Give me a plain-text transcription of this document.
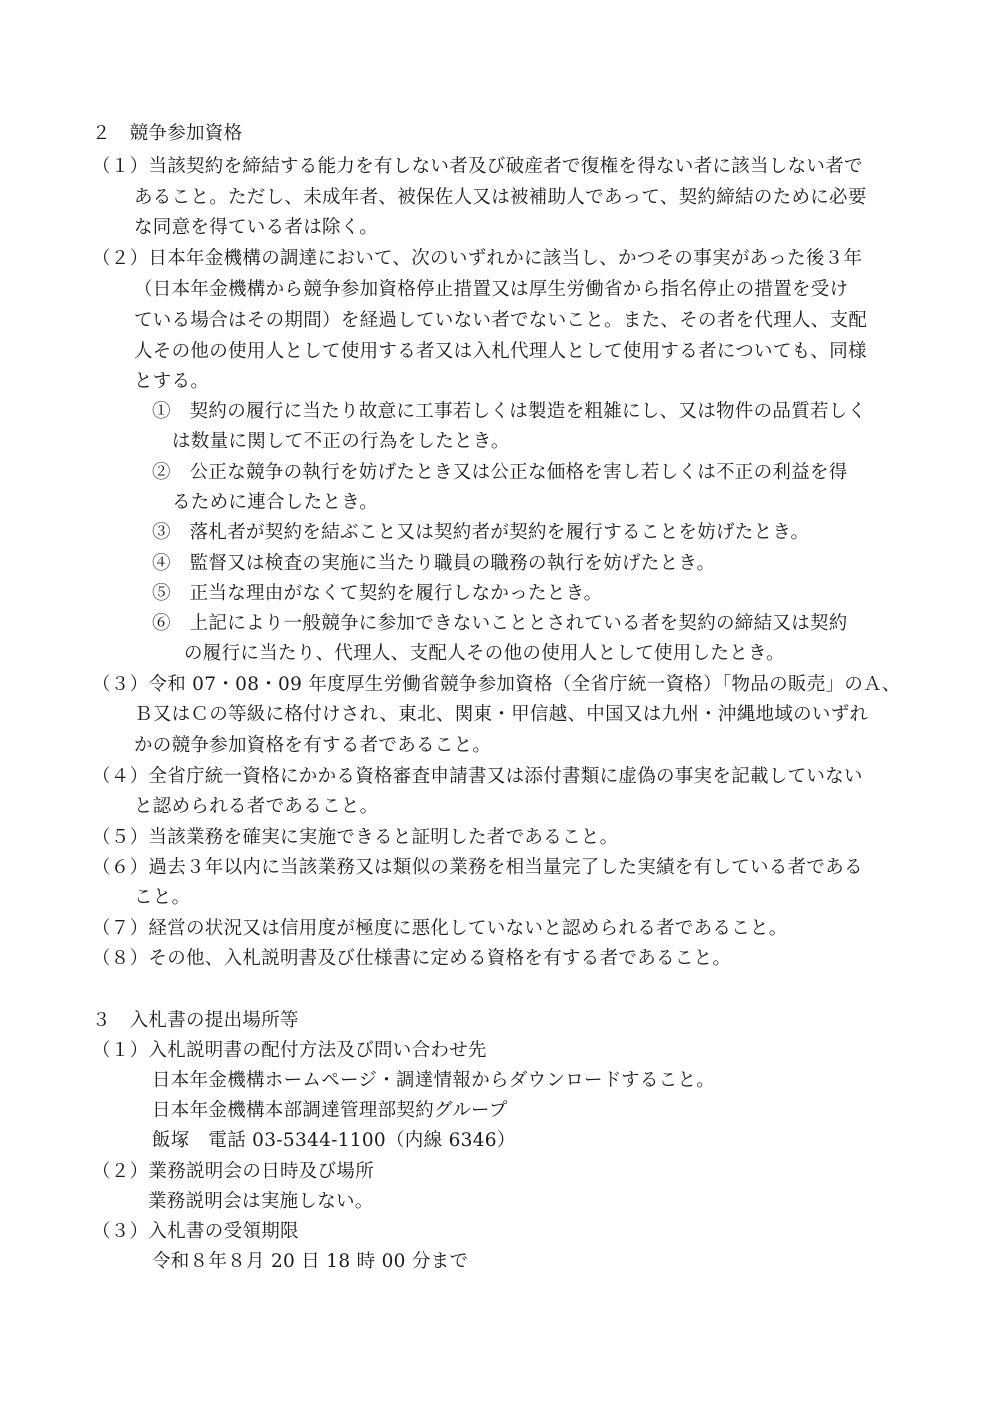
２　競争参加資格
（１）当該契約を締結する能力を有しない者及び破産者で復権を得ない者に該当しない者で
あること。ただし、未成年者、被保佐人又は被補助人であって、契約締結のために必要
な同意を得ている者は除く。
（２）日本年金機構の調達において、次のいずれかに該当し、かつその事実があった後３年
（日本年金機構から競争参加資格停止措置又は厚生労働省から指名停止の措置を受け
ている場合はその期間）を経過していない者でないこと。また、その者を代理人、支配
人その他の使用人として使用する者又は入札代理人として使用する者についても、同様
とする。
①　契約の履行に当たり故意に工事若しくは製造を粗雑にし、又は物件の品質若しく
は数量に関して不正の行為をしたとき。
②　公正な競争の執行を妨げたとき又は公正な価格を害し若しくは不正の利益を得
るために連合したとき。
③　落札者が契約を結ぶこと又は契約者が契約を履行することを妨げたとき。
④　監督又は検査の実施に当たり職員の職務の執行を妨げたとき。
⑤　正当な理由がなくて契約を履行しなかったとき。
⑥　上記により一般競争に参加できないこととされている者を契約の締結又は契約
の履行に当たり、代理人、支配人その他の使用人として使用したとき。
（３）令和 07・08・09 年度厚生労働省競争参加資格（全省庁統一資格）「物品の販売」のＡ、
Ｂ又はＣの等級に格付けされ、東北、関東・甲信越、中国又は九州・沖縄地域のいずれ
かの競争参加資格を有する者であること。
（４）全省庁統一資格にかかる資格審査申請書又は添付書類に虚偽の事実を記載していない
と認められる者であること。
（５）当該業務を確実に実施できると証明した者であること。
（６）過去３年以内に当該業務又は類似の業務を相当量完了した実績を有している者である
こと。
（７）経営の状況又は信用度が極度に悪化していないと認められる者であること。
（８）その他、入札説明書及び仕様書に定める資格を有する者であること。
３　入札書の提出場所等
（１）入札説明書の配付方法及び問い合わせ先
日本年金機構ホームページ・調達情報からダウンロードすること。
日本年金機構本部調達管理部契約グループ
飯塚　電話 03-5344-1100（内線 6346）
（２）業務説明会の日時及び場所
業務説明会は実施しない。
（３）入札書の受領期限
令和８年８月 20 日 18 時 00 分まで
